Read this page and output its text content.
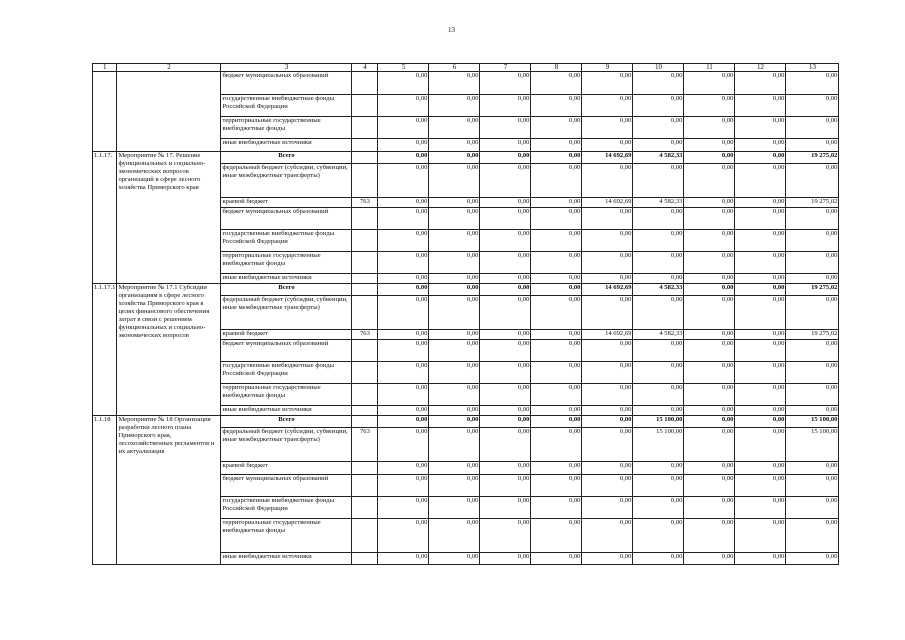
13
1	2	3	4	5	6	7	8	9	10	11	12	13
		бюджет муниципальных образований		0,00	0,00	0,00	0,00	0,00	0,00	0,00	0,00	0,00
		государственные внебюджетные фонды Российской Федерации		0,00	0,00	0,00	0,00	0,00	0,00	0,00	0,00	0,00
		территориальные государственные внебюджетные фонды		0,00	0,00	0,00	0,00	0,00	0,00	0,00	0,00	0,00
		иные внебюджетные источники		0,00	0,00	0,00	0,00	0,00	0,00	0,00	0,00	0,00
1.1.17.	Мероприятие № 17. Решение функциональных и социально-экономических вопросов организаций в сфере лесного хозяйства Приморского края	Всего		0,00	0,00	0,00	0,00	14 692,69	4 582,33	0,00	0,00	19 275,02
		федеральный бюджет (субсидии, субвенции, иные межбюджетные трансферты)		0,00	0,00	0,00	0,00	0,00	0,00	0,00	0,00	0,00
		краевой бюджет	763	0,00	0,00	0,00	0,00	14 692,69	4 582,33	0,00	0,00	19 275,02
		бюджет муниципальных образований		0,00	0,00	0,00	0,00	0,00	0,00	0,00	0,00	0,00
		государственные внебюджетные фонды Российской Федерации		0,00	0,00	0,00	0,00	0,00	0,00	0,00	0,00	0,00
		территориальные государственные внебюджетные фонды		0,00	0,00	0,00	0,00	0,00	0,00	0,00	0,00	0,00
		иные внебюджетные источники		0,00	0,00	0,00	0,00	0,00	0,00	0,00	0,00	0,00
1.1.17.1	Мероприятие № 17.1 Субсидии организациям в сфере лесного хозяйства Приморского края в целях финансового обеспечения затрат в связи с решением функциональных и социально-экономических вопросов	Всего		0,00	0,00	0,00	0,00	14 692,69	4 582,33	0,00	0,00	19 275,02
		федеральный бюджет (субсидии, субвенции, иные межбюджетные трансферты)		0,00	0,00	0,00	0,00	0,00	0,00	0,00	0,00	0,00
		краевой бюджет	763	0,00	0,00	0,00	0,00	14 692,69	4 582,33	0,00	0,00	19 275,02
		бюджет муниципальных образований		0,00	0,00	0,00	0,00	0,00	0,00	0,00	0,00	0,00
		государственные внебюджетные фонды Российской Федерации		0,00	0,00	0,00	0,00	0,00	0,00	0,00	0,00	0,00
		территориальные государственные внебюджетные фонды		0,00	0,00	0,00	0,00	0,00	0,00	0,00	0,00	0,00
		иные внебюджетные источники		0,00	0,00	0,00	0,00	0,00	0,00	0,00	0,00	0,00
1.1.18	Мероприятие № 18 Организация разработки лесного плана Приморского края, лесохозяйственных регламентов и их актуализация	Всего		0,00	0,00	0,00	0,00	0,00	15 100,00	0,00	0,00	15 100,00
		федеральный бюджет (субсидии, субвенции, иные межбюджетные трансферты)	763	0,00	0,00	0,00	0,00	0,00	15 100,00	0,00	0,00	15 100,00
		краевой бюджет		0,00	0,00	0,00	0,00	0,00	0,00	0,00	0,00	0,00
		бюджет муниципальных образований		0,00	0,00	0,00	0,00	0,00	0,00	0,00	0,00	0,00
		государственные внебюджетные фонды Российской Федерации		0,00	0,00	0,00	0,00	0,00	0,00	0,00	0,00	0,00
		территориальные государственные внебюджетные фонды		0,00	0,00	0,00	0,00	0,00	0,00	0,00	0,00	0,00
		иные внебюджетные источники		0,00	0,00	0,00	0,00	0,00	0,00	0,00	0,00	0,00
